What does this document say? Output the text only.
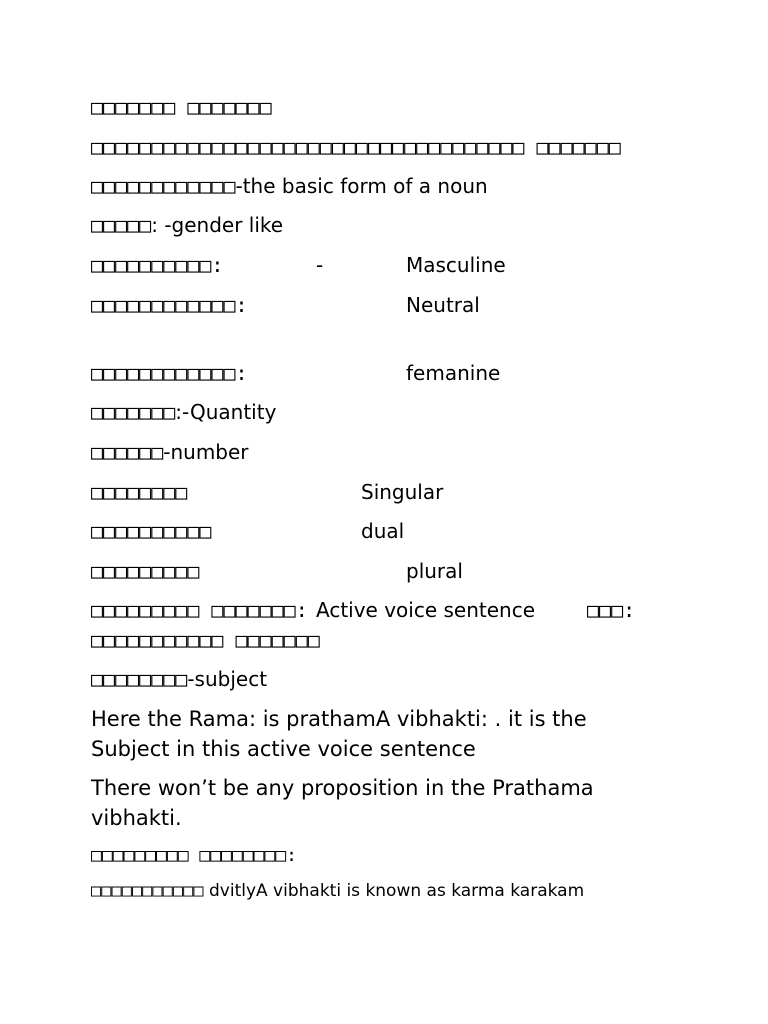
□□□□□□□ □□□□□□□
□□□□□□□□□□□□□□□□□□□□□□□□□□□□□□□□□□□□ □□□□□□□
□□□□□□□□□□□□-the basic form of a noun
□□□□□: -gender like
□□□□□□□□□□:	-	Masculine
□□□□□□□□□□□□:	Neutral
□□□□□□□□□□□□:	femanine
□□□□□□□:-Quantity
□□□□□□-number
□□□□□□□□	Singular
□□□□□□□□□□	dual
□□□□□□□□□	plural
□□□□□□□□□ □□□□□□□: Active voice sentence	□□□:
□□□□□□□□□□□ □□□□□□□
□□□□□□□□-subject
Here the Rama: is prathamA vibhakti: . it is the Subject in this active voice sentence
There won’t be any proposition in the Prathama vibhakti.
□□□□□□□□□ □□□□□□□□:
□□□□□□□□□□□ dvitlyA vibhakti is known as karma karakam
